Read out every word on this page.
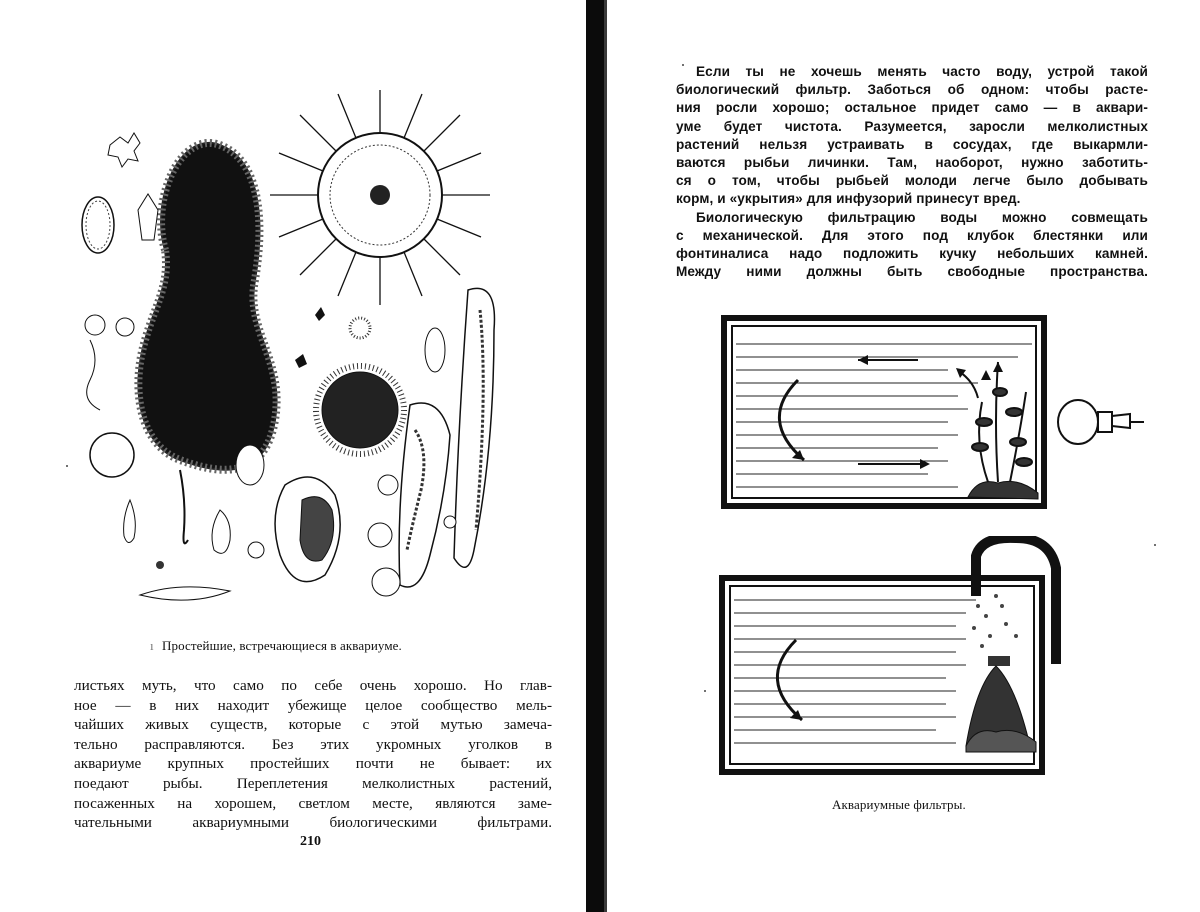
ı Простейшие, встречающиеся в аквариуме.
листьях муть, что само по себе очень хорошо. Но глав-
ное — в них находит убежище целое сообщество мель-
чайших живых существ, которые с этой мутью замеча-
тельно расправляются. Без этих укромных уголков в
аквариуме крупных простейших почти не бывает: их
поедают рыбы. Переплетения мелколистных растений,
посаженных на хорошем, светлом месте, являются заме-
чательными аквариумными биологическими фильтрами.
210
Если ты не хочешь менять часто воду, устрой такой
биологический фильтр. Заботься об одном: чтобы расте-
ния росли хорошо; остальное придет само — в аквари-
уме будет чистота. Разумеется, заросли мелколистных
растений нельзя устраивать в сосудах, где выкармли-
ваются рыбьи личинки. Там, наоборот, нужно заботить-
ся о том, чтобы рыбьей молоди легче было добывать
корм, и «укрытия» для инфузорий принесут вред.
Биологическую фильтрацию воды можно совмещать
с механической. Для этого под клубок блестянки или
фонтиналиса надо подложить кучку небольших камней.
Между ними должны быть свободные пространства.
Аквариумные фильтры.
